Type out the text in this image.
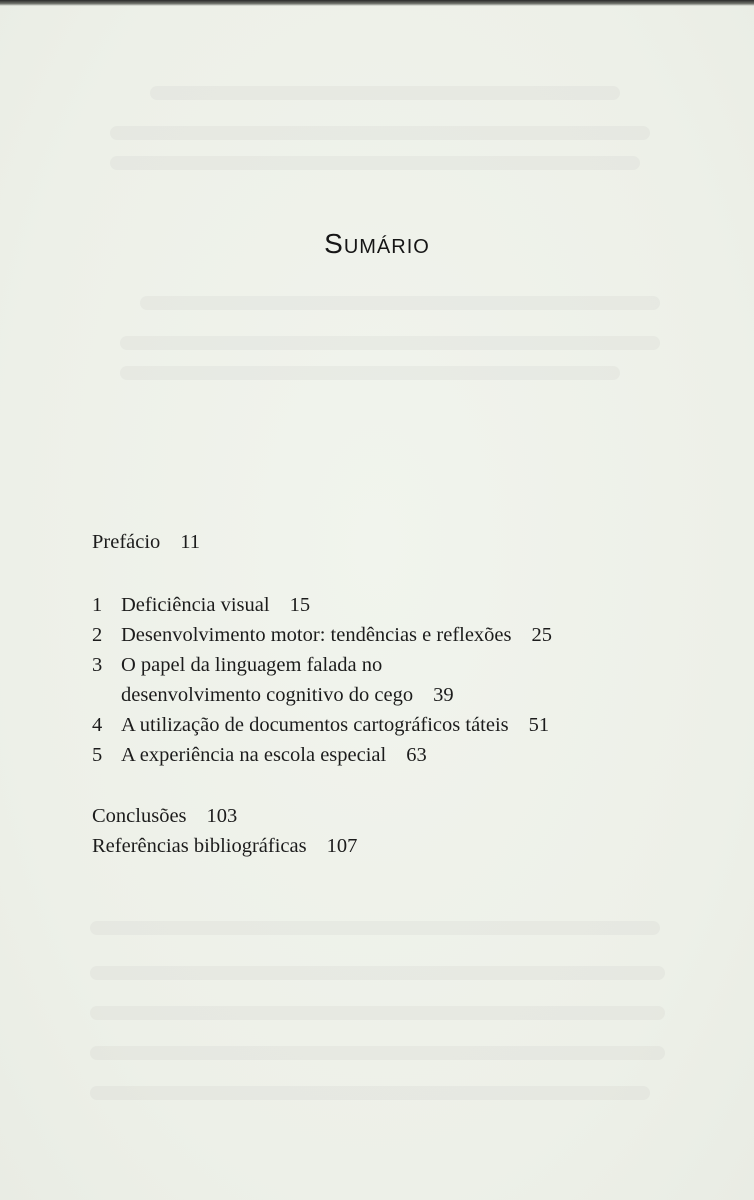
Sumário
Prefácio 11
1 Deficiência visual 15
2 Desenvolvimento motor: tendências e reflexões 25
3 O papel da linguagem falada no
desenvolvimento cognitivo do cego 39
4 A utilização de documentos cartográficos táteis 51
5 A experiência na escola especial 63
Conclusões 103
Referências bibliográficas 107
